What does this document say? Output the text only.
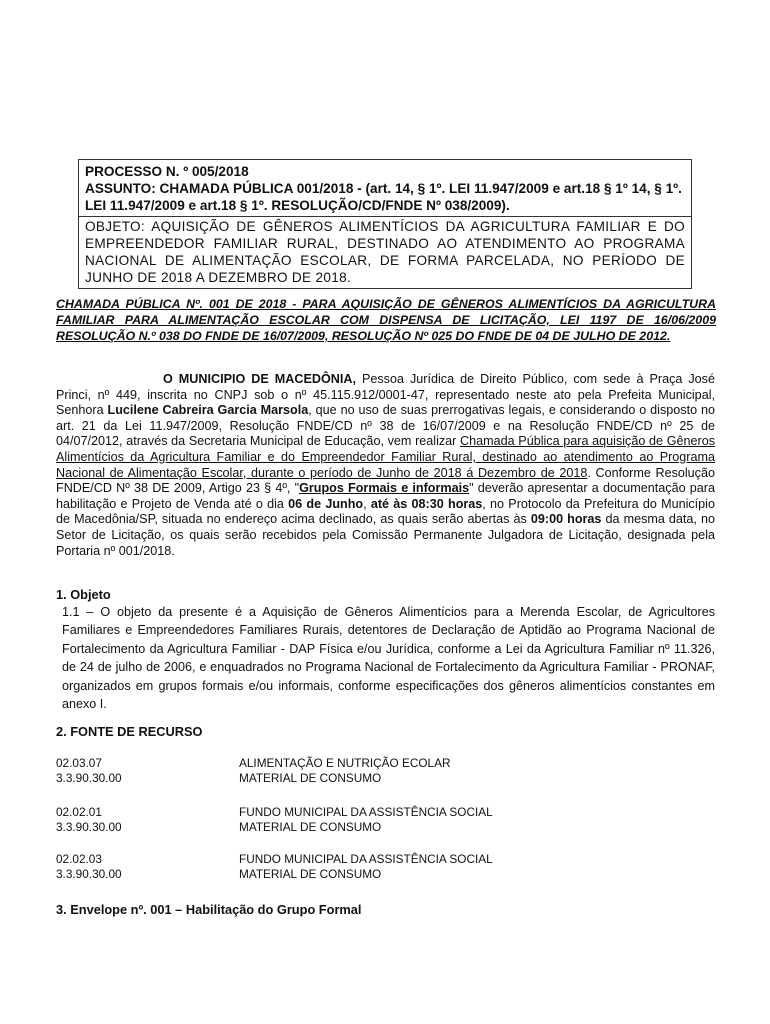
PROCESSO N. º 005/2018
ASSUNTO: CHAMADA PÚBLICA 001/2018 - (art. 14, § 1º. LEI 11.947/2009 e art.18 § 1º 14, § 1º. LEI 11.947/2009 e art.18 § 1º. RESOLUÇÃO/CD/FNDE Nº 038/2009).
OBJETO: AQUISIÇÃO DE GÊNEROS ALIMENTÍCIOS DA AGRICULTURA FAMILIAR E DO EMPREENDEDOR FAMILIAR RURAL, DESTINADO AO ATENDIMENTO AO PROGRAMA NACIONAL DE ALIMENTAÇÃO ESCOLAR, DE FORMA PARCELADA, NO PERÍODO DE JUNHO DE 2018 A DEZEMBRO DE 2018.
CHAMADA PÚBLICA Nº. 001 DE 2018 - PARA AQUISIÇÃO DE GÊNEROS ALIMENTÍCIOS DA AGRICULTURA FAMILIAR PARA ALIMENTAÇÃO ESCOLAR COM DISPENSA DE LICITAÇÃO, LEI 1197 DE 16/06/2009 RESOLUÇÃO N.º 038 DO FNDE DE 16/07/2009, RESOLUÇÃO Nº 025 DO FNDE DE 04 DE JULHO DE 2012.
O MUNICIPIO DE MACEDÔNIA, Pessoa Jurídica de Direito Público, com sede à Praça José Princi, nº 449, inscrita no CNPJ sob o nº 45.115.912/0001-47, representado neste ato pela Prefeita Municipal, Senhora Lucilene Cabreira Garcia Marsola, que no uso de suas prerrogativas legais, e considerando o disposto no art. 21 da Lei 11.947/2009, Resolução FNDE/CD nº 38 de 16/07/2009 e na Resolução FNDE/CD nº 25 de 04/07/2012, através da Secretaria Municipal de Educação, vem realizar Chamada Pública para aquisição de Gêneros Alimentícios da Agricultura Familiar e do Empreendedor Familiar Rural, destinado ao atendimento ao Programa Nacional de Alimentação Escolar, durante o período de Junho de 2018 á Dezembro de 2018. Conforme Resolução FNDE/CD Nº 38 DE 2009, Artigo 23 § 4º, "Grupos Formais e informais" deverão apresentar a documentação para habilitação e Projeto de Venda até o dia 06 de Junho, até às 08:30 horas, no Protocolo da Prefeitura do Município de Macedônia/SP, situada no endereço acima declinado, as quais serão abertas às 09:00 horas da mesma data, no Setor de Licitação, os quais serão recebidos pela Comissão Permanente Julgadora de Licitação, designada pela Portaria nº 001/2018.
1. Objeto
1.1 – O objeto da presente é a Aquisição de Gêneros Alimentícios para a Merenda Escolar, de Agricultores Familiares e Empreendedores Familiares Rurais, detentores de Declaração de Aptidão ao Programa Nacional de Fortalecimento da Agricultura Familiar - DAP Física e/ou Jurídica, conforme a Lei da Agricultura Familiar nº 11.326, de 24 de julho de 2006, e enquadrados no Programa Nacional de Fortalecimento da Agricultura Familiar - PRONAF, organizados em grupos formais e/ou informais, conforme especificações dos gêneros alimentícios constantes em anexo I.
2. FONTE DE RECURSO
02.03.07	ALIMENTAÇÃO E NUTRIÇÃO ECOLAR
3.3.90.30.00	MATERIAL DE CONSUMO
02.02.01	FUNDO MUNICIPAL DA ASSISTÊNCIA SOCIAL
3.3.90.30.00	MATERIAL DE CONSUMO
02.02.03	FUNDO MUNICIPAL DA ASSISTÊNCIA SOCIAL
3.3.90.30.00	MATERIAL DE CONSUMO
3. Envelope nº. 001 – Habilitação do Grupo Formal
